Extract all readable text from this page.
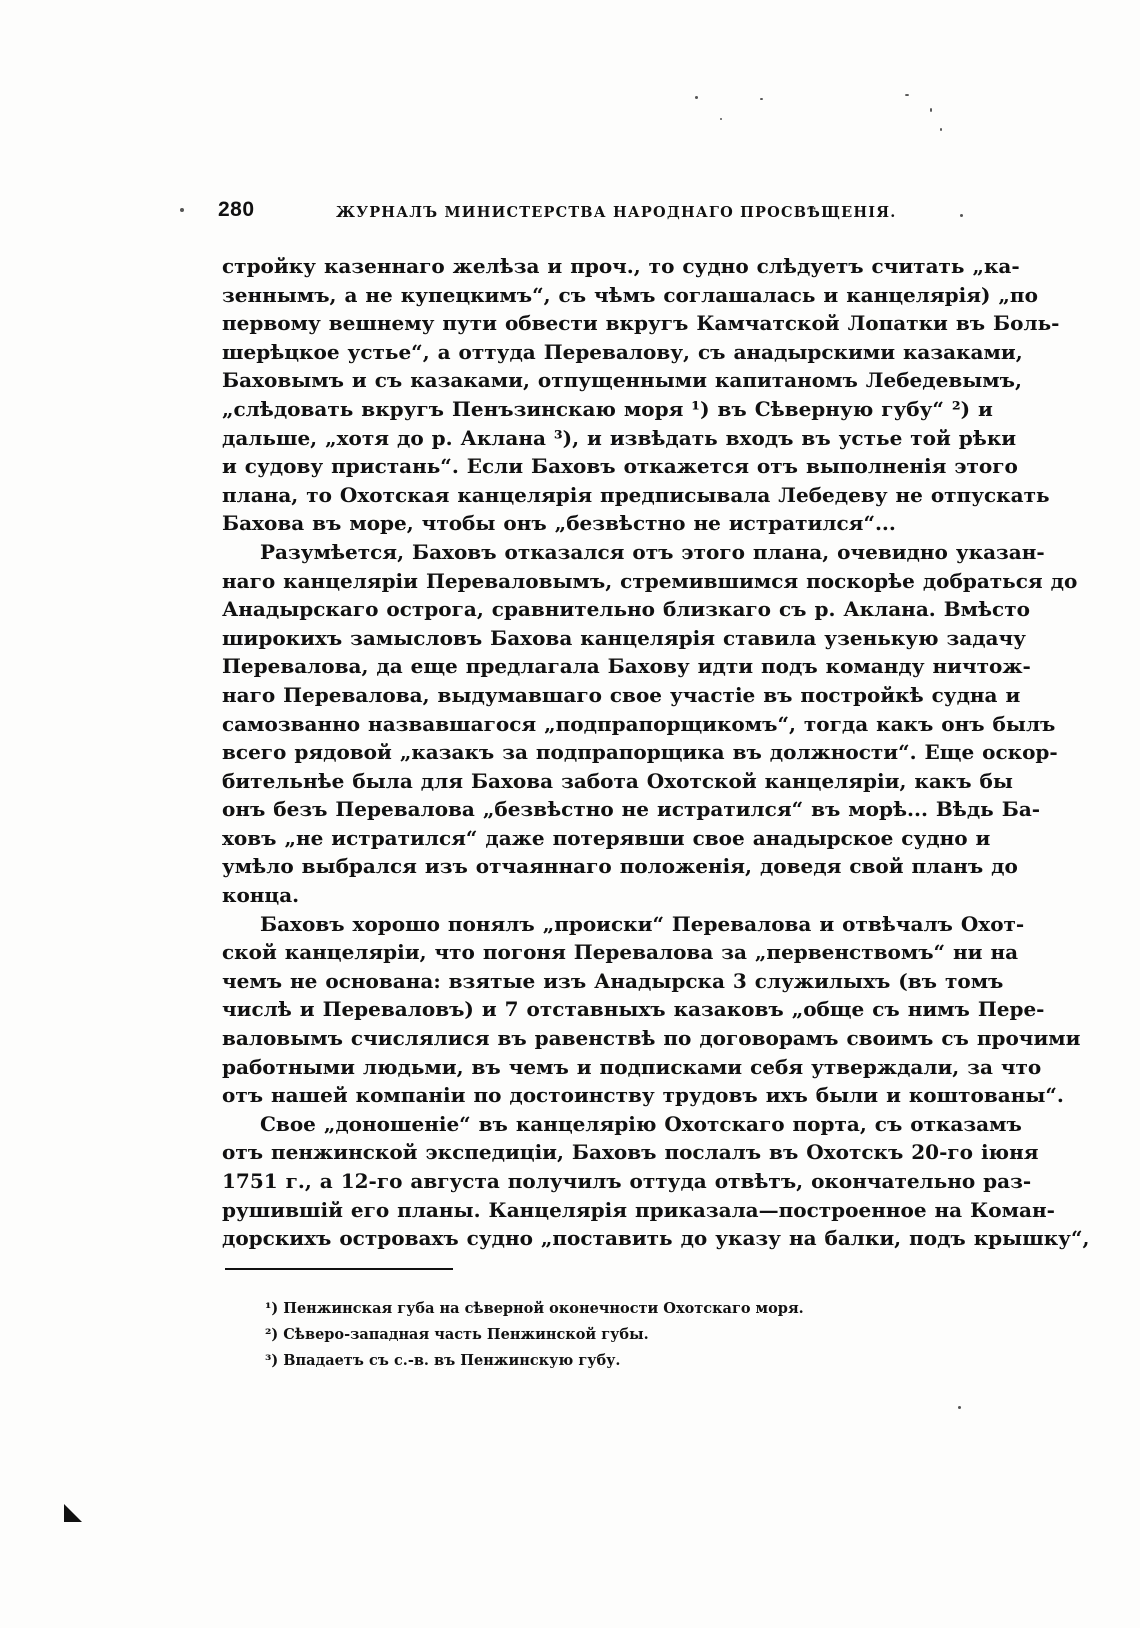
280	ЖУРНАЛЪ МИНИСТЕРСТВА НАРОДНАГО ПРОСВѢЩЕНІЯ.
стройку казеннаго желѣза и проч., то судно слѣдуетъ считать „ка-
зеннымъ, а не купецкимъ“, съ чѣмъ соглашалась и канцелярія) „по
первому вешнему пути обвести вкругъ Камчатской Лопатки въ Боль-
шерѣцкое устье“, а оттуда Перевалову, съ анадырскими казаками,
Баховымъ и съ казаками, отпущенными капитаномъ Лебедевымъ,
„слѣдовать вкругъ Пенъзинскаю моря ¹) въ Сѣверную губу“ ²) и
дальше, „хотя до р. Аклана ³), и извѣдать входъ въ устье той рѣки
и судову пристань“. Если Баховъ откажется отъ выполненія этого
плана, то Охотская канцелярія предписывала Лебедеву не отпускать
Бахова въ море, чтобы онъ „безвѣстно не истратился“...
Разумѣется, Баховъ отказался отъ этого плана, очевидно указан-
наго канцеляріи Переваловымъ, стремившимся поскорѣе добраться до
Анадырскаго острога, сравнительно близкаго съ р. Аклана. Вмѣсто
широкихъ замысловъ Бахова канцелярія ставила узенькую задачу
Перевалова, да еще предлагала Бахову идти подъ команду ничтож-
наго Перевалова, выдумавшаго свое участіе въ постройкѣ судна и
самозванно назвавшагося „подпрапорщикомъ“, тогда какъ онъ былъ
всего рядовой „казакъ за подпрапорщика въ должности“. Еще оскор-
бительнѣе была для Бахова забота Охотской канцеляріи, какъ бы
онъ безъ Перевалова „безвѣстно не истратился“ въ морѣ... Вѣдь Ба-
ховъ „не истратился“ даже потерявши свое анадырское судно и
умѣло выбрался изъ отчаяннаго положенія, доведя свой планъ до
конца.
Баховъ хорошо понялъ „происки“ Перевалова и отвѣчалъ Охот-
ской канцеляріи, что погоня Перевалова за „первенствомъ“ ни на
чемъ не основана: взятые изъ Анадырска 3 служилыхъ (въ томъ
числѣ и Переваловъ) и 7 отставныхъ казаковъ „обще съ нимъ Пере-
валовымъ счислялися въ равенствѣ по договорамъ своимъ съ прочими
работными людьми, въ чемъ и подписками себя утверждали, за что
отъ нашей компаніи по достоинству трудовъ ихъ были и коштованы“.
Свое „доношеніе“ въ канцелярію Охотскаго порта, съ отказамъ
отъ пенжинской экспедиціи, Баховъ послалъ въ Охотскъ 20-го іюня
1751 г., а 12-го августа получилъ оттуда отвѣтъ, окончательно раз-
рушившій его планы. Канцелярія приказала—построенное на Коман-
дорскихъ островахъ судно „поставить до указу на балки, подъ крышку“,
¹) Пенжинская губа на сѣверной оконечности Охотскаго моря.
²) Сѣверо-западная часть Пенжинской губы.
³) Впадаетъ съ с.-в. въ Пенжинскую губу.
